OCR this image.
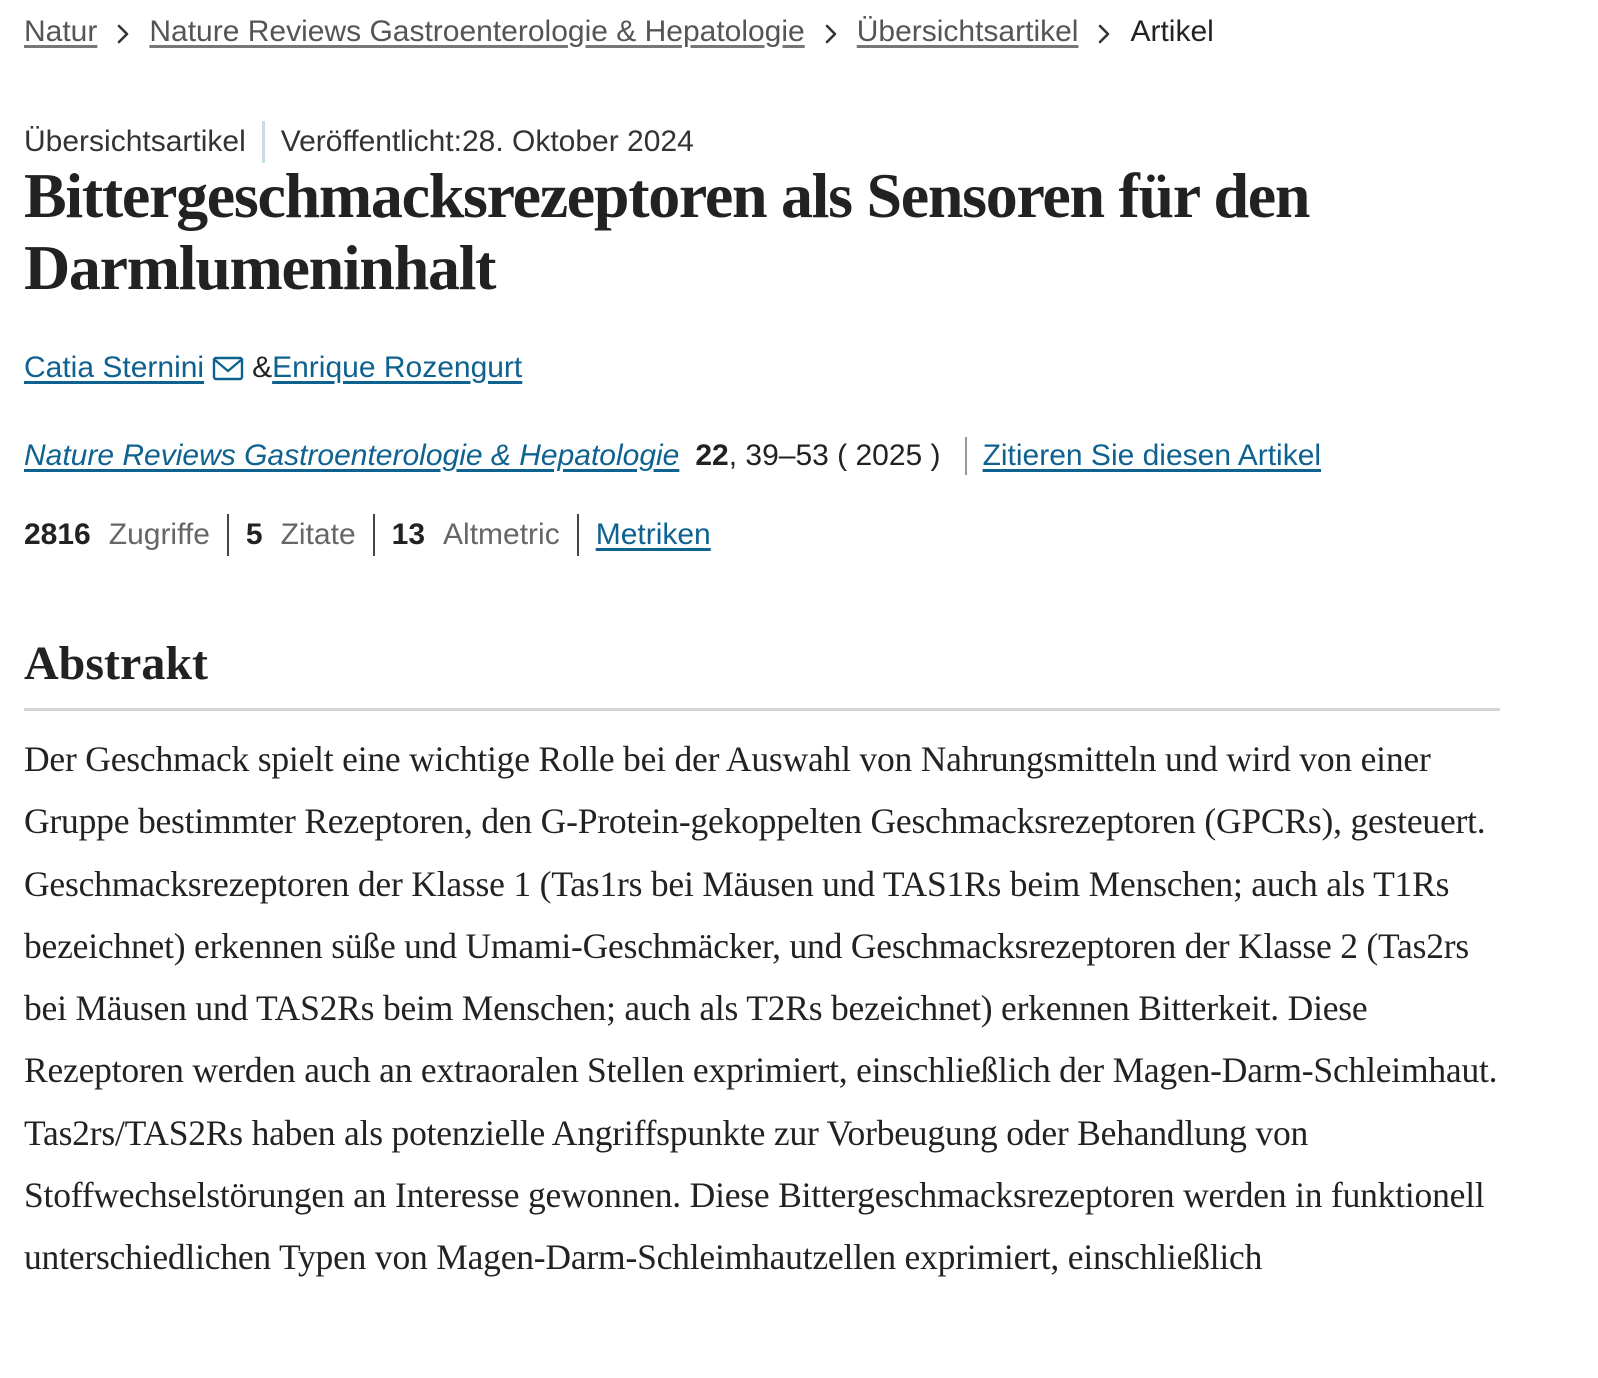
Natur Nature Reviews Gastroenterologie & Hepatologie Übersichtsartikel Artikel
Übersichtsartikel Veröffentlicht:28. Oktober 2024
Bittergeschmacksrezeptoren als Sensoren für den Darmlumeninhalt
Catia Sternini & Enrique Rozengurt
Nature Reviews Gastroenterologie & Hepatologie 22 , 39–53 ( 2025 ) Zitieren Sie diesen Artikel
2816 Zugriffe 5 Zitate 13 Altmetric Metriken
Abstrakt

Der Geschmack spielt eine wichtige Rolle bei der Auswahl von Nahrungsmitteln und wird von einer Gruppe bestimmter Rezeptoren, den G-Protein-gekoppelten Geschmacksrezeptoren (GPCRs), gesteuert. Geschmacksrezeptoren der Klasse 1 (Tas1rs bei Mäusen und TAS1Rs beim Menschen; auch als T1Rs bezeichnet) erkennen süße und Umami-Geschmäcker, und Geschmacksrezeptoren der Klasse 2 (Tas2rs bei Mäusen und TAS2Rs beim Menschen; auch als T2Rs bezeichnet) erkennen Bitterkeit. Diese Rezeptoren werden auch an extraoralen Stellen exprimiert, einschließlich der Magen-Darm-Schleimhaut. Tas2rs/TAS2Rs haben als potenzielle Angriffspunkte zur Vorbeugung oder Behandlung von Stoffwechselstörungen an Interesse gewonnen. Diese Bittergeschmacksrezeptoren werden in funktionell unterschiedlichen Typen von Magen-Darm-Schleimhautzellen exprimiert, einschließlich
